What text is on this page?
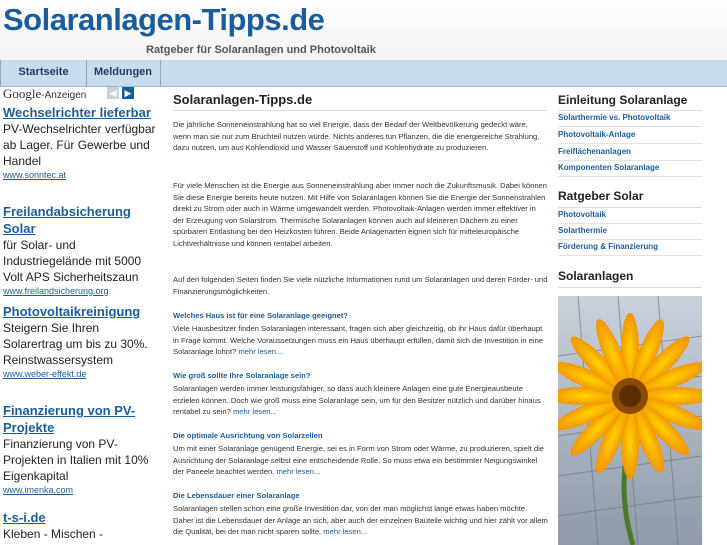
Solaranlagen-Tipps.de
Ratgeber für Solaranlagen und Photovoltaik
Startseite	Meldungen
Google-Anzeigen	◀ ▶
Wechselrichter lieferbar
PV-Wechselrichter verfügbar ab Lager. Für Gewerbe und Handel
www.sonntec.at
Freilandabsicherung Solar
für Solar- und Industriegelände mit 5000 Volt APS Sicherheitszaun
www.freilandsicherung.org
Photovoltaikreinigung
Steigern Sie Ihren Solarertrag um bis zu 30%. Reinstwassersystem
www.weber-effekt.de
Finanzierung von PV-Projekte
Finanzierung von PV-Projekten in Italien mit 10% Eigenkapital
www.imenka.com
t-s-i.de
Kleben - Mischen -
Solaranlagen-Tipps.de
Die jährliche Sonneneinstrahlung hat so viel Energie, dass der Bedarf der Weltbevölkerung gedeckt wäre, wenn man sie nur zum Bruchteil nutzen würde. Nichts anderes tun Pflanzen, die die energiereiche Strahlung, dazu nutzen, um aus Kohlendioxid und Wasser Sauerstoff und Kohlenhydrate zu produzieren.
Für viele Menschen ist die Energie aus Sonneneinstrahlung aber immer noch die Zukunftsmusik. Dabei können Sie diese Energie bereits heute nutzen. Mit Hilfe von Solaranlagen können Sie die Energie der Sonnenstrahlen direkt zu Strom oder auch in Wärme umgewandelt werden. Photovoltaik-Anlagen werden immer effektiver in der Erzeugung von Solarstrom. Thermische Solaranlagen können auch auf kleineren Dächern zu einer spürbaren Entlastung bei den Heizkosten führen. Beide Anlagenarten eignen sich für mitteleuropäische Lichtverhältnisse und können rentabel arbeiten.
Auf den folgenden Seiten finden Sie viele nützliche Informationen rund um Solaranlagen und deren Förder- und Finanzierungsmöglichkeiten.
Welches Haus ist für eine Solaranlage geeignet?
Viele Hausbesitzer finden Solaranlagen interessant, fragen sich aber gleichzeitig, ob ihr Haus dafür überhaupt in Frage kommt. Welche Voraussetzungen muss ein Haus überhaupt erfüllen, damit sich die Investition in eine Solaranlage lohnt? mehr lesen...
Wie groß sollte Ihre Solaranlage sein?
Solaranlagen werden immer leistungsfähiger, so dass auch kleinere Anlagen eine gute Energieausbeute erzielen können. Doch wie groß muss eine Solaranlage sein, um für den Besitzer nützlich und darüber hinaus rentabel zu sein? mehr lesen...
Die optimale Ausrichtung von Solarzellen
Um mit einer Solaranlage genügend Energie, sei es in Form von Strom oder Wärme, zu produzieren, spielt die Ausrichtung der Solaranlage selbst eine entscheidende Rolle. So muss etwa ein bestimmter Neigungswinkel der Paneele beachtet werden. mehr lesen...
Die Lebensdauer einer Solaranlage
Solaranlagen stellen schon eine große Investition dar, von der man möglichst lange etwas haben möchte. Daher ist die Lebensdauer der Anlage an sich, aber auch der einzelnen Bauteile wichtig und hier zählt vor allem die Qualität, bei der man nicht sparen sollte. mehr lesen...
Einleitung Solaranlage
Solarthermie vs. Photovoltaik
Photovoltaik-Anlage
Freiflächenanlagen
Komponenten Solaranlage
Ratgeber Solar
Photovoltaik
Solarthermie
Förderung & Finanzierung
Solaranlagen
